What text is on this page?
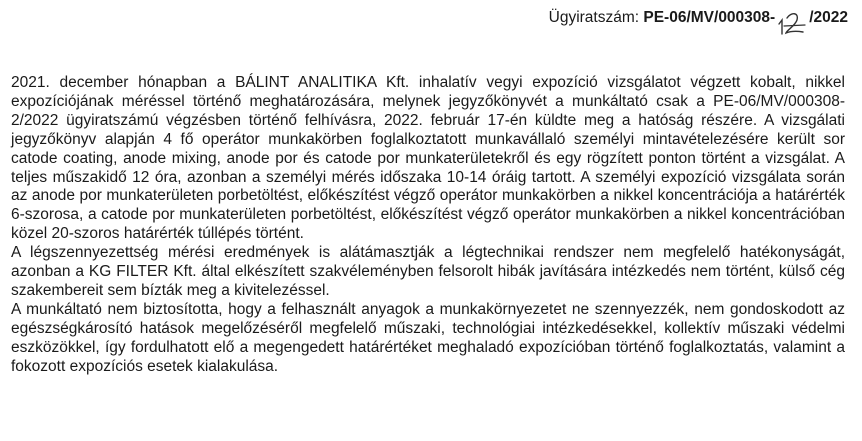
Ügyiratszám: PE-06/MV/000308- /2022

2021. december hónapban a BÁLINT ANALITIKA Kft. inhalatív vegyi expozíció vizsgálatot végzett kobalt, nikkel expozíciójának méréssel történő meghatározására, melynek jegyzőkönyvét a munkáltató csak a PE-06/MV/000308-2/2022 ügyiratszámú végzésben történő felhívásra, 2022. február 17-én küldte meg a hatóság részére. A vizsgálati jegyzőkönyv alapján 4 fő operátor munkakörben foglalkoztatott munkavállaló személyi mintavételezésére került sor catode coating, anode mixing, anode por és catode por munkaterületekről és egy rögzített ponton történt a vizsgálat. A teljes műszakidő 12 óra, azonban a személyi mérés időszaka 10-14 óráig tartott. A személyi expozíció vizsgálata során az anode por munkaterületen porbetöltést, előkészítést végző operátor munkakörben a nikkel koncentrációja a határérték 6-szorosa, a catode por munkaterületen porbetöltést, előkészítést végző operátor munkakörben a nikkel koncentrációban közel 20-szoros határérték túllépés történt.

A légszennyezettség mérési eredmények is alátámasztják a légtechnikai rendszer nem megfelelő hatékonyságát, azonban a KG FILTER Kft. által elkészített szakvéleményben felsorolt hibák javítására intézkedés nem történt, külső cég szakembereit sem bízták meg a kivitelezéssel.

A munkáltató nem biztosította, hogy a felhasznált anyagok a munkakörnyezetet ne szennyezzék, nem gondoskodott az egészségkárosító hatások megelőzéséről megfelelő műszaki, technológiai intézkedésekkel, kollektív műszaki védelmi eszközökkel, így fordulhatott elő a megengedett határértéket meghaladó expozícióban történő foglalkoztatás, valamint a fokozott expozíciós esetek kialakulása.
